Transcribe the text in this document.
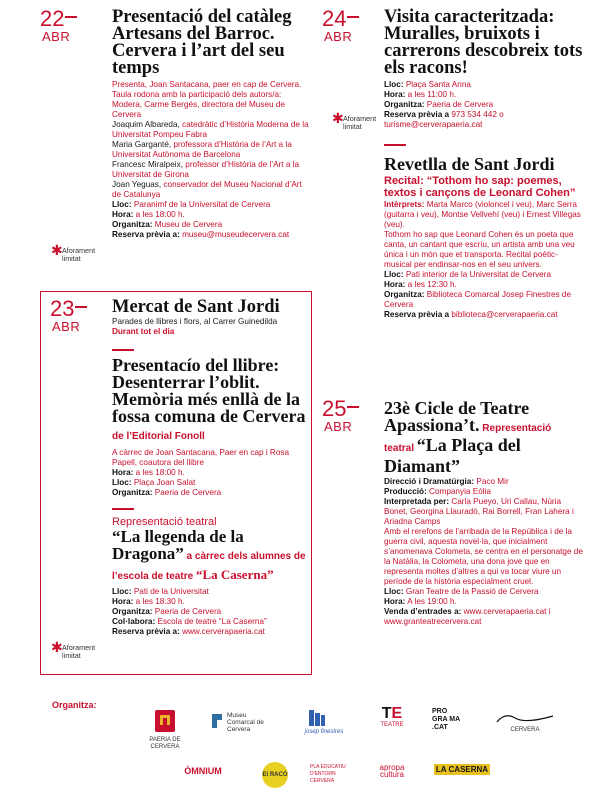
22
ABR
Presentació del catàleg Artesans del Barroc. Cervera i l’art del seu temps
Presenta, Joan Santacana, paer en cap de Cervera.
Taula rodona amb la participació dels autors/a:
Modera, Carme Bergés, directora del Museu de Cervera
Joaquim Albareda, catedràtic d’Història Moderna de la Universitat Pompeu Fabra
Maria Garganté, professora d’Història de l’Art a la Universitat Autònoma de Barcelona
Francesc Miralpeix, professor d’Història de l’Art a la Universitat de Girona
Joan Yeguas, conservador del Museu Nacional d’Art de Catalunya
Lloc: Paranimf de la Universitat de Cervera
Hora: a les 18:00 h.
Organitza: Museu de Cervera
Reserva prèvia a: museu@museudecervera.cat
✱ Aforament limitat
23
ABR
Mercat de Sant Jordi
Parades de llibres i flors, al Carrer Guinedilda
Durant tot el dia
Presentacío del llibre: Desenterrar l’oblit. Memòria més enllà de la fossa comuna de Cervera de l’Editorial Fonoll
A càrrec de Joan Santacana, Paer en cap i Rosa Papell, coautora del llibre
Hora: a les 18:00 h.
Lloc: Plaça Joan Salat
Organitza: Paeria de Cervera
Representació teatral
“La llegenda de la Dragona” a càrrec dels alumnes de l’escola de teatre “La Caserna”
Lloc: Pati de la Universitat
Hora: a les 18:30 h.
Organitza: Paeria de Cervera
Col·labora: Escola de teatre “La Caserna”
Reserva prèvia a: www.cerverapaeria.cat
✱ Aforament limitat
24
ABR
Visita caracteritzada: Muralles, bruixots i carrerons descobreix tots els racons!
Lloc: Plaça Santa Anna
Hora: a les 11:00 h.
Organitza: Paeria de Cervera
Reserva prèvia a 973 534 442 o turisme@cerverapaeria.cat
Revetlla de Sant Jordi
Recital: “Tothom ho sap: poemes, textos i cançons de Leonard Cohen”
Intèrprets: Marta Marco (violoncel i veu), Marc Serra (guitarra i veu), Montse Vellvehí (veu) i Ernest Villegas (veu).
Tothom ho sap que Leonard Cohen és un poeta que canta, un cantant que escriu, un artista amb una veu única i un món que et transporta. Recital poètic-musical per endinsar-nos en el seu univers.
Lloc: Pati interior de la Universitat de Cervera
Hora: a les 12:30 h.
Organitza: Biblioteca Comarcal Josep Finestres de Cervera
Reserva prèvia a biblioteca@cerverapaeria.cat
✱ Aforament limitat
25
ABR
23è Cicle de Teatre Apassiona’t. Representació teatral “La Plaça del Diamant”
Direcció i Dramatúrgia: Paco Mir
Producció: Companyia Eòlia
Interpretada per: Carla Pueyo, Uri Callau, Núria Bonet, Georgina Llauradó, Rai Borrell, Fran Lahera i Ariadna Camps
Amb el rerefons de l’arribada de la República i de la guerra civil, aquesta novel·la, que inicialment s’anomenava Colometa, se centra en el personatge de la Natàlia, la Colometa, una dona jove que en representa moltes d’altres a qui va tocar viure un període de la història especialment cruel.
Lloc: Gran Teatre de la Passió de Cervera
Hora: A les 19:00 h.
Venda d’entrades a: www.cerverapaeria.cat i www.granteatrecervera.cat
Organitza:
PAERIA DE CERVERA
Museu Comarcal de Cervera	josep finestres
TE
TEATRE
PRO GRA MA .CAT	CERVERA
ÒMNIUM	El RACÓ
PLA EDUCATIU D'ENTORN CERVERA
apropa cultura
LA CASERNA
